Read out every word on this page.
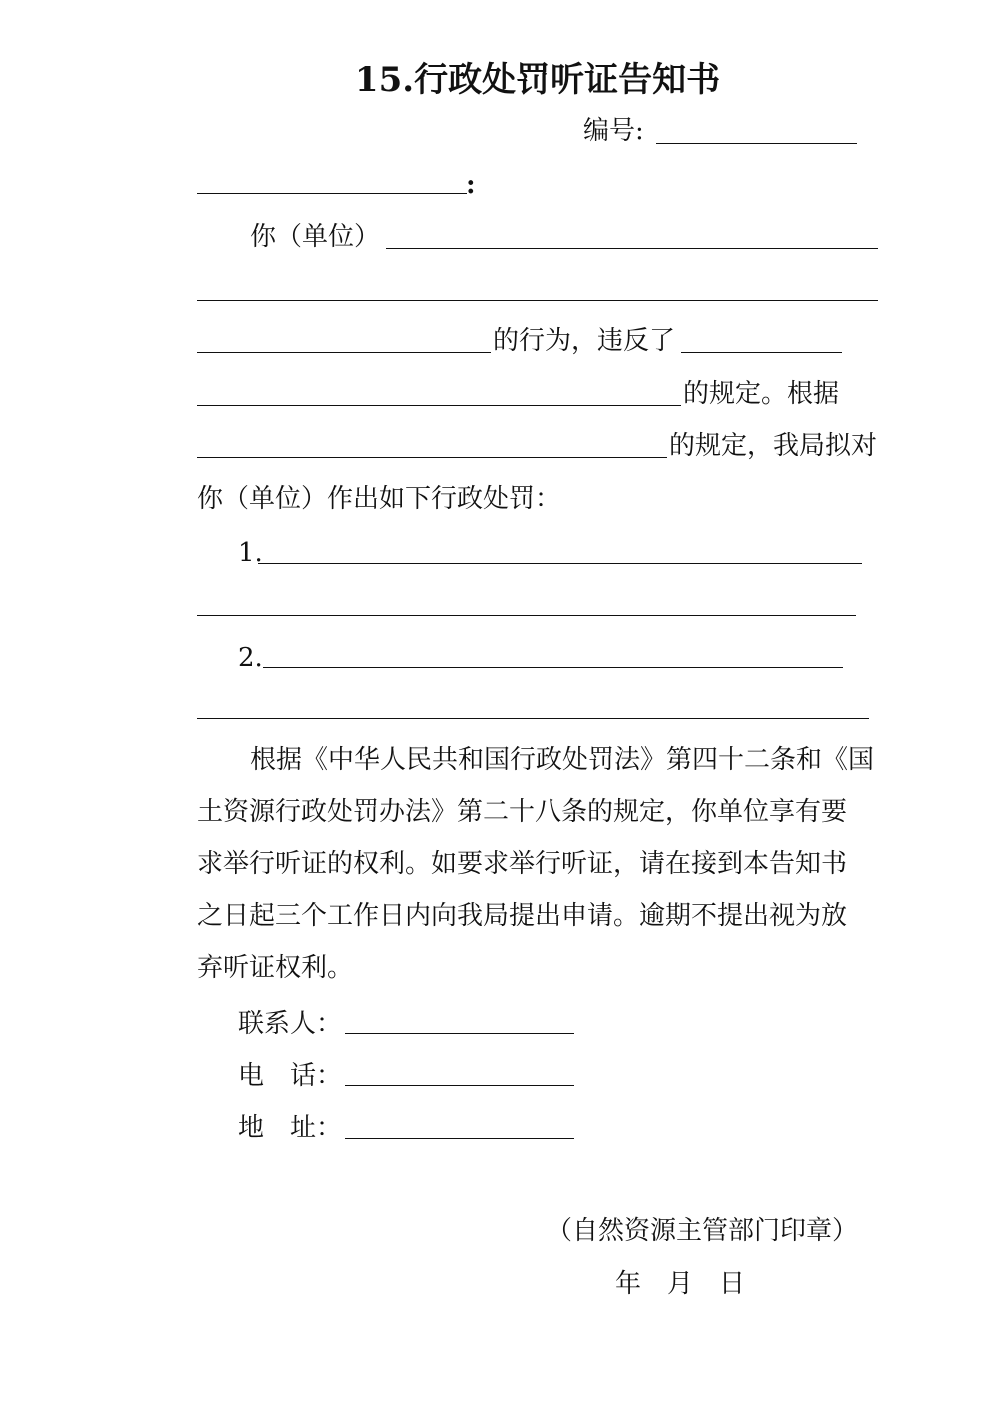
15.行政处罚听证告知书
编号:
:
你（单位）
的行为，违反了
的规定。根据
的规定，我局拟对
你（单位）作出如下行政处罚：
1.
2.
根据《中华人民共和国行政处罚法》第四十二条和《国
土资源行政处罚办法》第二十八条的规定，你单位享有要
求举行听证的权利。如要求举行听证，请在接到本告知书
之日起三个工作日内向我局提出申请。逾期不提出视为放
弃听证权利。
联系人：
电　话：
地　址：
（自然资源主管部门印章）
年　月　日
